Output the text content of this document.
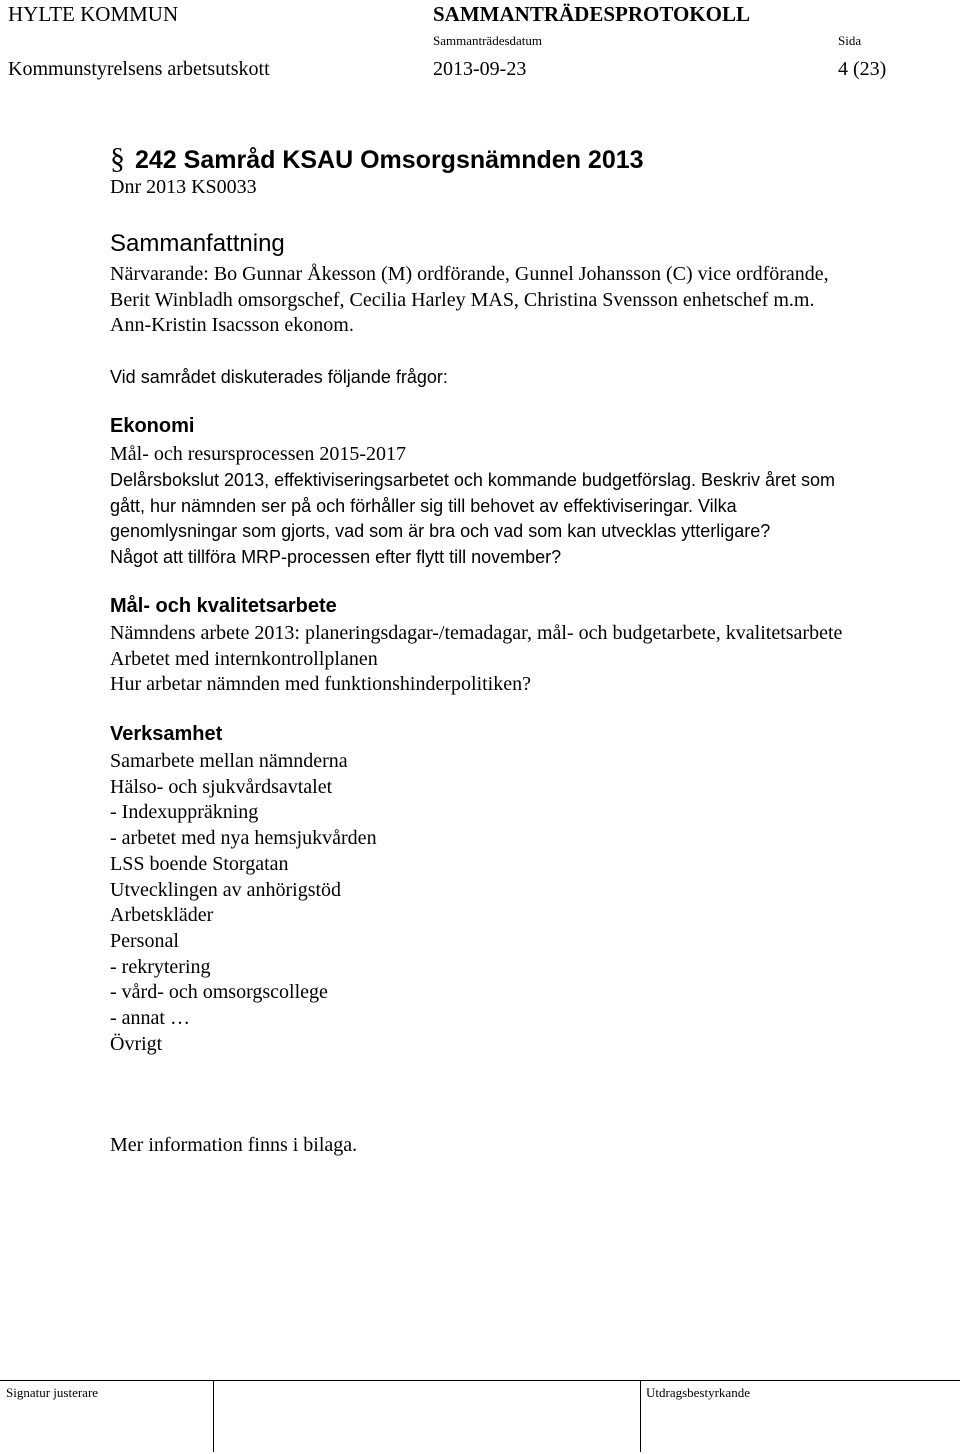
HYLTE KOMMUN	SAMMANTRÄDESPROTOKOLL
Sammanträdesdatum	Sida
Kommunstyrelsens arbetsutskott	2013-09-23	4 (23)
§ 242 Samråd KSAU Omsorgsnämnden 2013
Dnr 2013 KS0033
Sammanfattning
Närvarande: Bo Gunnar Åkesson (M) ordförande, Gunnel Johansson (C) vice ordförande,
Berit Winbladh omsorgschef, Cecilia Harley MAS, Christina Svensson enhetschef m.m.
Ann-Kristin Isacsson ekonom.
Vid samrådet diskuterades följande frågor:
Ekonomi
Mål- och resursprocessen 2015-2017
Delårsbokslut 2013, effektiviseringsarbetet och kommande budgetförslag. Beskriv året som
gått, hur nämnden ser på och förhåller sig till behovet av effektiviseringar. Vilka
genomlysningar som gjorts, vad som är bra och vad som kan utvecklas ytterligare?
Något att tillföra MRP-processen efter flytt till november?
Mål- och kvalitetsarbete
Nämndens arbete 2013: planeringsdagar-/temadagar, mål- och budgetarbete, kvalitetsarbete
Arbetet med internkontrollplanen
Hur arbetar nämnden med funktionshinderpolitiken?
Verksamhet
Samarbete mellan nämnderna
Hälso- och sjukvårdsavtalet
- Indexuppräkning
- arbetet med nya hemsjukvården
LSS boende Storgatan
Utvecklingen av anhörigstöd
Arbetskläder
Personal
- rekrytering
- vård- och omsorgscollege
- annat …
Övrigt
Mer information finns i bilaga.
Signatur justerare	Utdragsbestyrkande
